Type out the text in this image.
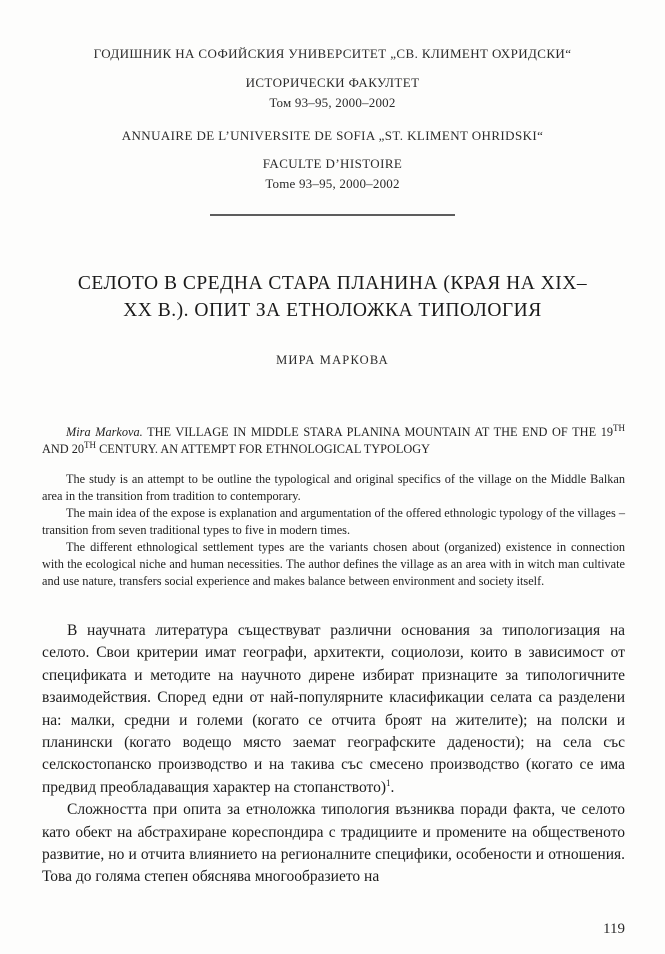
ГОДИШНИК НА СОФИЙСКИЯ УНИВЕРСИТЕТ „СВ. КЛИМЕНТ ОХРИДСКИ“
ИСТОРИЧЕСКИ ФАКУЛТЕТ
Том 93–95, 2000–2002
ANNUAIRE DE L’UNIVERSITE DE SOFIA „ST. KLIMENT OHRIDSKI“
FACULTE D’HISTOIRE
Tome 93–95, 2000–2002
СЕЛОТО В СРЕДНА СТАРА ПЛАНИНА (КРАЯ НА XIX–XX В.). ОПИТ ЗА ЕТНОЛОЖКА ТИПОЛОГИЯ
МИРА МАРКОВА
Mira Markova. THE VILLAGE IN MIDDLE STARA PLANINA MOUNTAIN AT THE END OF THE 19TH AND 20TH CENTURY. AN ATTEMPT FOR ETHNOLOGICAL TYPOLOGY

The study is an attempt to be outline the typological and original specifics of the village on the Middle Balkan area in the transition from tradition to contemporary.

The main idea of the expose is explanation and argumentation of the offered ethnologic typology of the villages – transition from seven traditional types to five in modern times.

The different ethnological settlement types are the variants chosen about (organized) existence in connection with the ecological niche and human necessities. The author defines the village as an area with in witch man cultivate and use nature, transfers social experience and makes balance between environment and society itself.

В научната литература съществуват различни основания за типологизация на селото. Свои критерии имат географи, архитекти, социолози, които в зависимост от спецификата и методите на научното дирене избират признаците за типологичните взаимодействия. Според едни от най-популярните класификации селата са разделени на: малки, средни и големи (когато се отчита броят на жителите); на полски и планински (когато водещо място заемат географските дадености); на села със селскостопанско производство и на такива със смесено производство (когато се има предвид преобладаващия характер на стопанството)$^1$.

Сложността при опита за етноложка типология възниква поради факта, че селото като обект на абстрахиране кореспондира с традициите и промените на общественото развитие, но и отчита влиянието на регионалните специфики, особености и отношения. Това до голяма степен обяснява многообразието на

119
